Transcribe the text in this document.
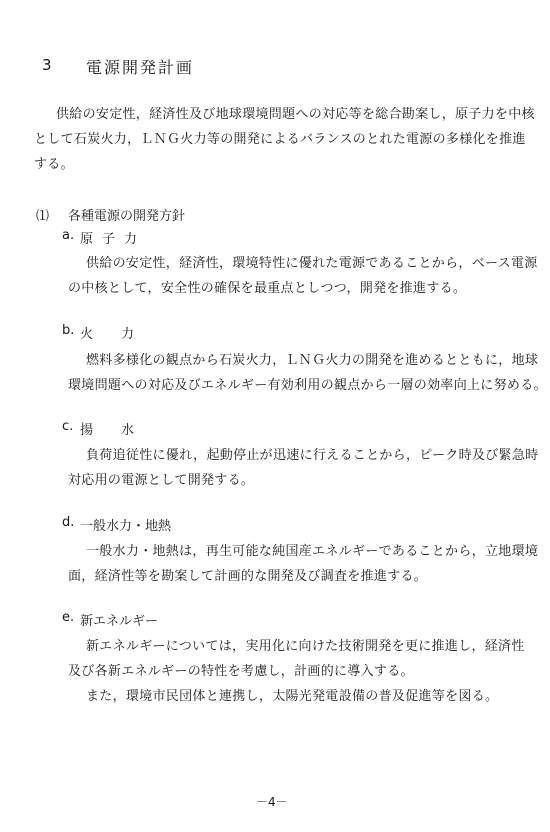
3 電源開発計画
供給の安定性，経済性及び地球環境問題への対応等を総合勘案し，原子力を中核
として石炭火力，ＬＮＧ火力等の開発によるバランスのとれた電源の多様化を推進
する。
⑴ 各種電源の開発方針
a. 原子力
供給の安定性，経済性，環境特性に優れた電源であることから，ベース電源
の中核として，安全性の確保を最重点としつつ，開発を推進する。
b. 火力
燃料多様化の観点から石炭火力，ＬＮＧ火力の開発を進めるとともに，地球
環境問題への対応及びエネルギー有効利用の観点から一層の効率向上に努める。
c. 揚水
負荷追従性に優れ，起動停止が迅速に行えることから，ピーク時及び緊急時
対応用の電源として開発する。
d. 一般水力・地熱
一般水力・地熱は，再生可能な純国産エネルギーであることから，立地環境
面，経済性等を勘案して計画的な開発及び調査を推進する。
e. 新エネルギー
新エネルギーについては，実用化に向けた技術開発を更に推進し，経済性
及び各新エネルギーの特性を考慮し，計画的に導入する。
また，環境市民団体と連携し，太陽光発電設備の普及促進等を図る。
－4－
